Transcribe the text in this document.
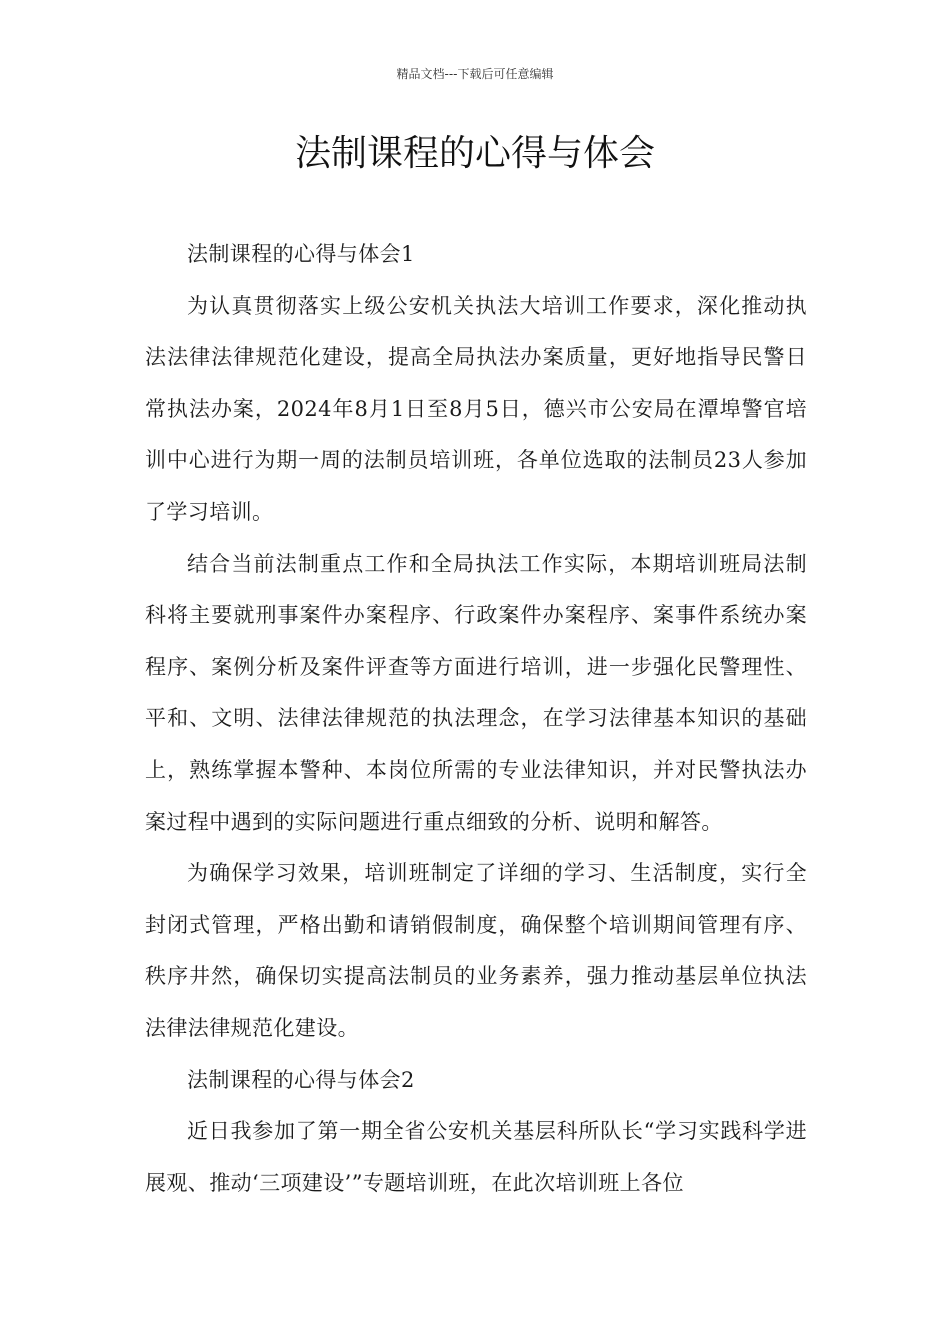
精品文档---下载后可任意编辑
法制课程的心得与体会

法制课程的心得与体会1

为认真贯彻落实上级公安机关执法大培训工作要求，深化推动执法法律法律规范化建设，提高全局执法办案质量，更好地指导民警日常执法办案，2024年8月1日至8月5日，德兴市公安局在潭埠警官培训中心进行为期一周的法制员培训班，各单位选取的法制员23人参加了学习培训。

结合当前法制重点工作和全局执法工作实际，本期培训班局法制科将主要就刑事案件办案程序、行政案件办案程序、案事件系统办案程序、案例分析及案件评查等方面进行培训，进一步强化民警理性、平和、文明、法律法律规范的执法理念，在学习法律基本知识的基础上，熟练掌握本警种、本岗位所需的专业法律知识，并对民警执法办案过程中遇到的实际问题进行重点细致的分析、说明和解答。

为确保学习效果，培训班制定了详细的学习、生活制度，实行全封闭式管理，严格出勤和请销假制度，确保整个培训期间管理有序、秩序井然，确保切实提高法制员的业务素养，强力推动基层单位执法法律法律规范化建设。

法制课程的心得与体会2

近日我参加了第一期全省公安机关基层科所队长“学习实践科学进展观、推动‘三项建设’”专题培训班，在此次培训班上各位
